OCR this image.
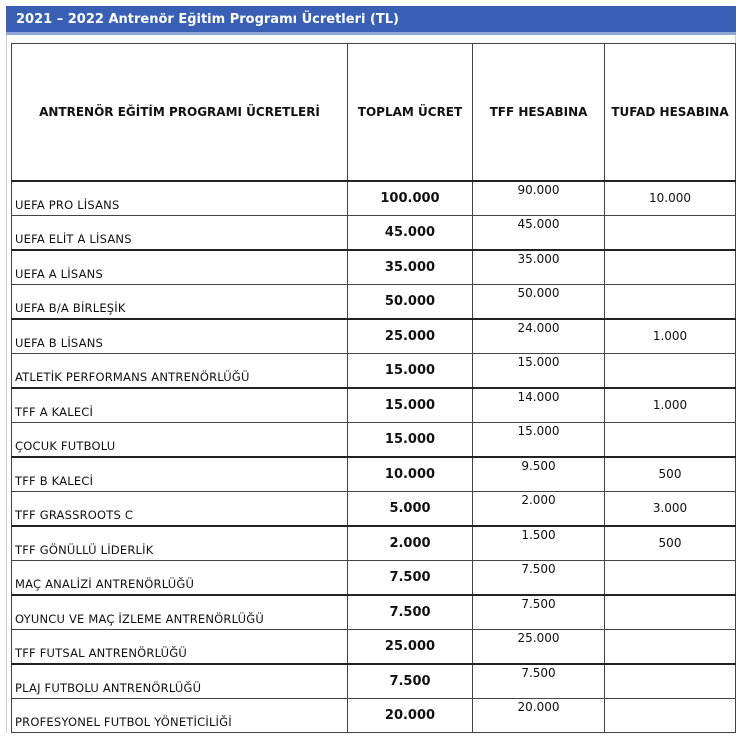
2021 – 2022 Antrenör Eğitim Programı Ücretleri (TL)
ANTRENÖR EĞİTİM PROGRAMI ÜCRETLERİ	TOPLAM ÜCRET	TFF HESABINA	TUFAD HESABINA
UEFA PRO LİSANS	100.000	90.000	10.000
UEFA ELİT A LİSANS	45.000	45.000	
UEFA A LİSANS	35.000	35.000	
UEFA B/A BİRLEŞİK	50.000	50.000	
UEFA B LİSANS	25.000	24.000	1.000
ATLETİK PERFORMANS ANTRENÖRLÜĞÜ	15.000	15.000	
TFF A KALECİ	15.000	14.000	1.000
ÇOCUK FUTBOLU	15.000	15.000	
TFF B KALECİ	10.000	9.500	500
TFF GRASSROOTS C	5.000	2.000	3.000
TFF GÖNÜLLÜ LİDERLİK	2.000	1.500	500
MAÇ ANALİZİ ANTRENÖRLÜĞÜ	7.500	7.500	
OYUNCU VE MAÇ İZLEME ANTRENÖRLÜĞÜ	7.500	7.500	
TFF FUTSAL ANTRENÖRLÜĞÜ	25.000	25.000	
PLAJ FUTBOLU ANTRENÖRLÜĞÜ	7.500	7.500	
PROFESYONEL FUTBOL YÖNETİCİLİĞİ	20.000	20.000	
